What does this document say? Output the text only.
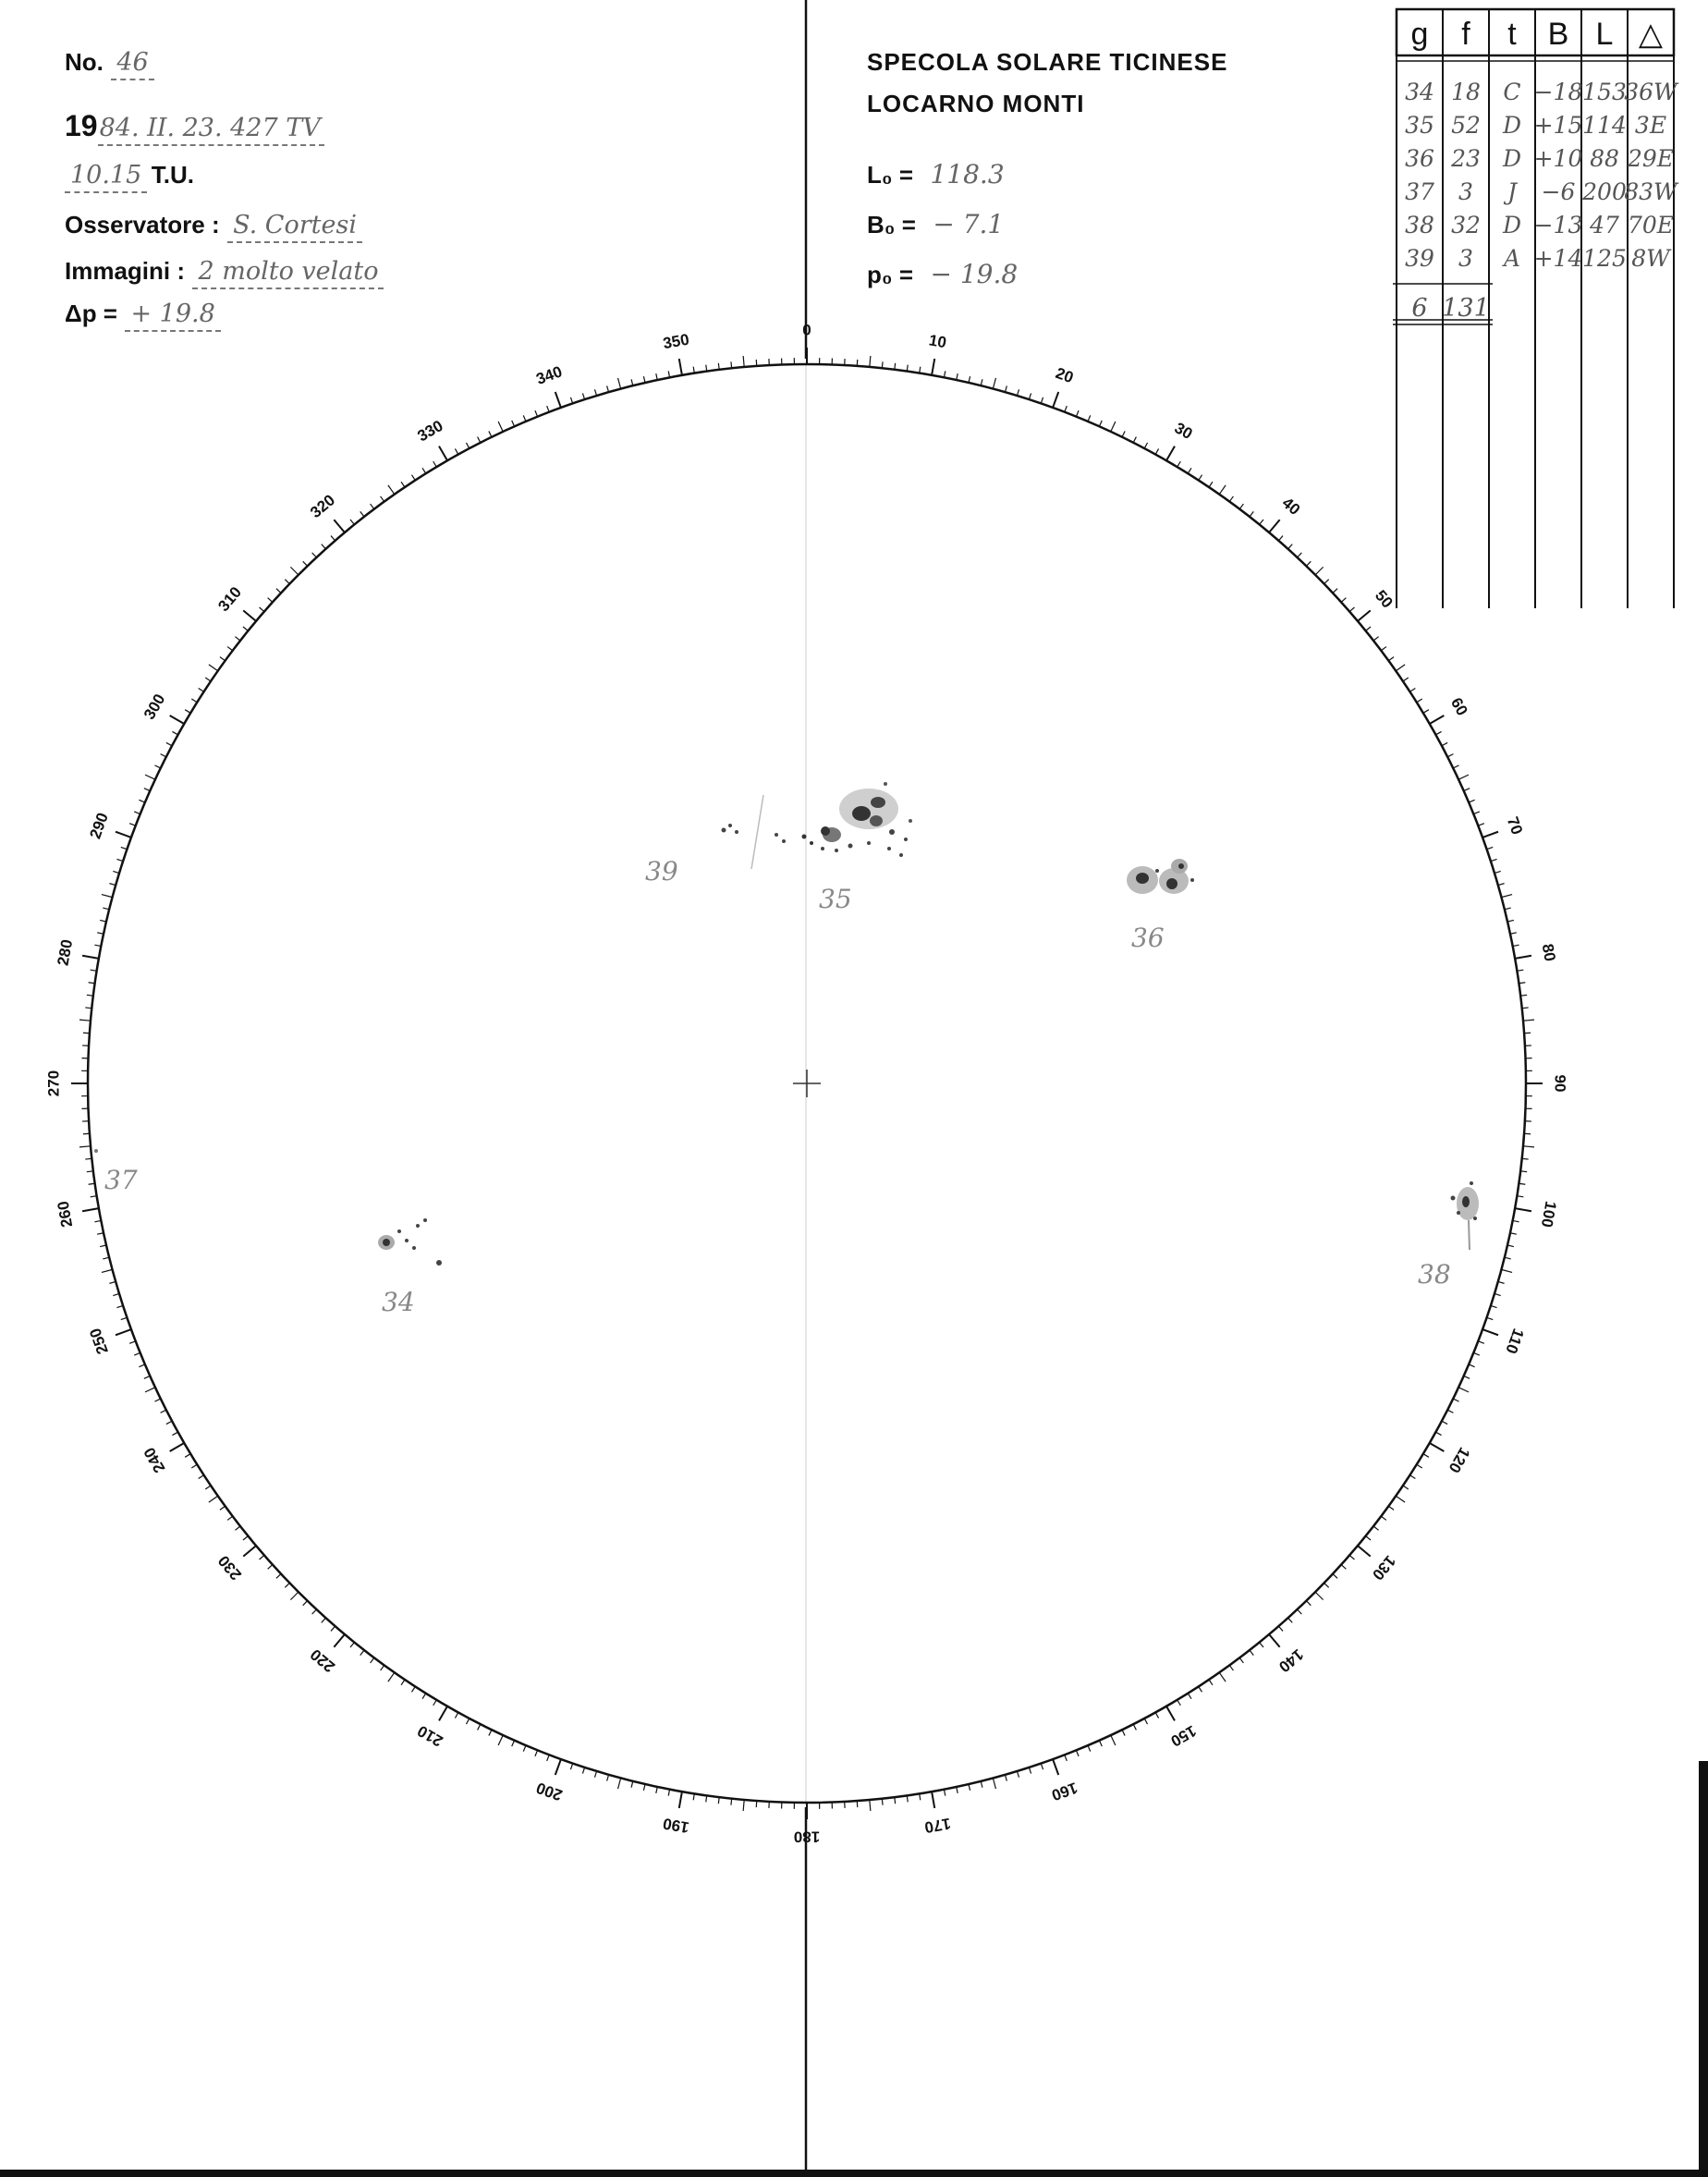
No. 46
1984. II. 23. 427 TV
10.15 T.U.
Osservatore : S. Cortesi
Immagini : 2 molto velato
Δp = + 19.8
SPECOLA SOLARE TICINESE
LOCARNO MONTI
L₀ = 118.3
B₀ = − 7.1
p₀ = − 19.8
0
10
20
30
40
50
60
70
80
90
100
110
120
130
140
150
160
170
180
190
200
210
220
230
240
250
260
270
280
290
300
310
320
330
340
350
g f t B L △
34 18 C −18 153
36W
35 52 D +15 114 3E
36 23 D +10 88 29E
37 3 J −6 200
83W
38 32 D −13 47 70E
39 3 A +14 125 8W
6 131
39
35
36
37
34
38
